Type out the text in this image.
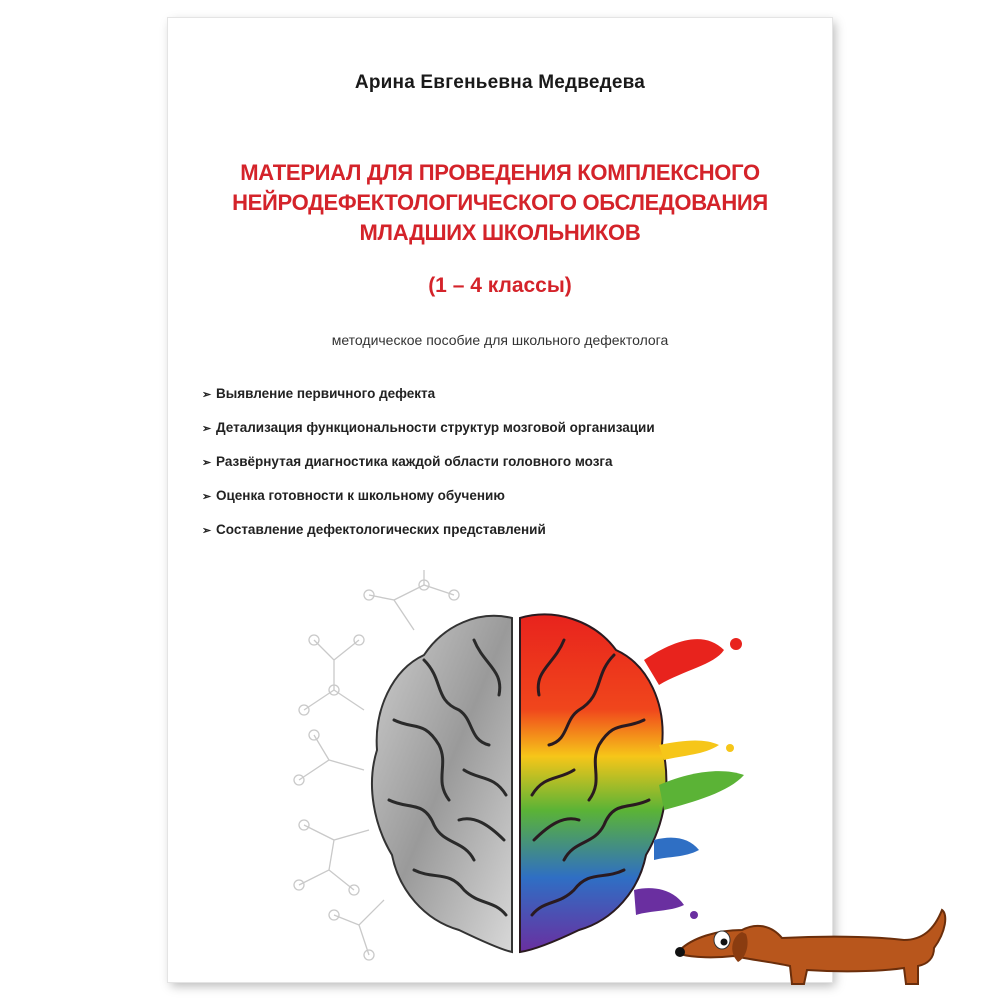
Арина Евгеньевна Медведева
МАТЕРИАЛ ДЛЯ ПРОВЕДЕНИЯ КОМПЛЕКСНОГО
НЕЙРОДЕФЕКТОЛОГИЧЕСКОГО ОБСЛЕДОВАНИЯ
МЛАДШИХ ШКОЛЬНИКОВ
(1 – 4 классы)
методическое пособие для школьного дефектолога
➢ Выявление первичного дефекта
➢ Детализация функциональности структур мозговой организации
➢ Развёрнутая диагностика каждой области головного мозга
➢ Оценка готовности к школьному обучению
➢ Составление дефектологических представлений
